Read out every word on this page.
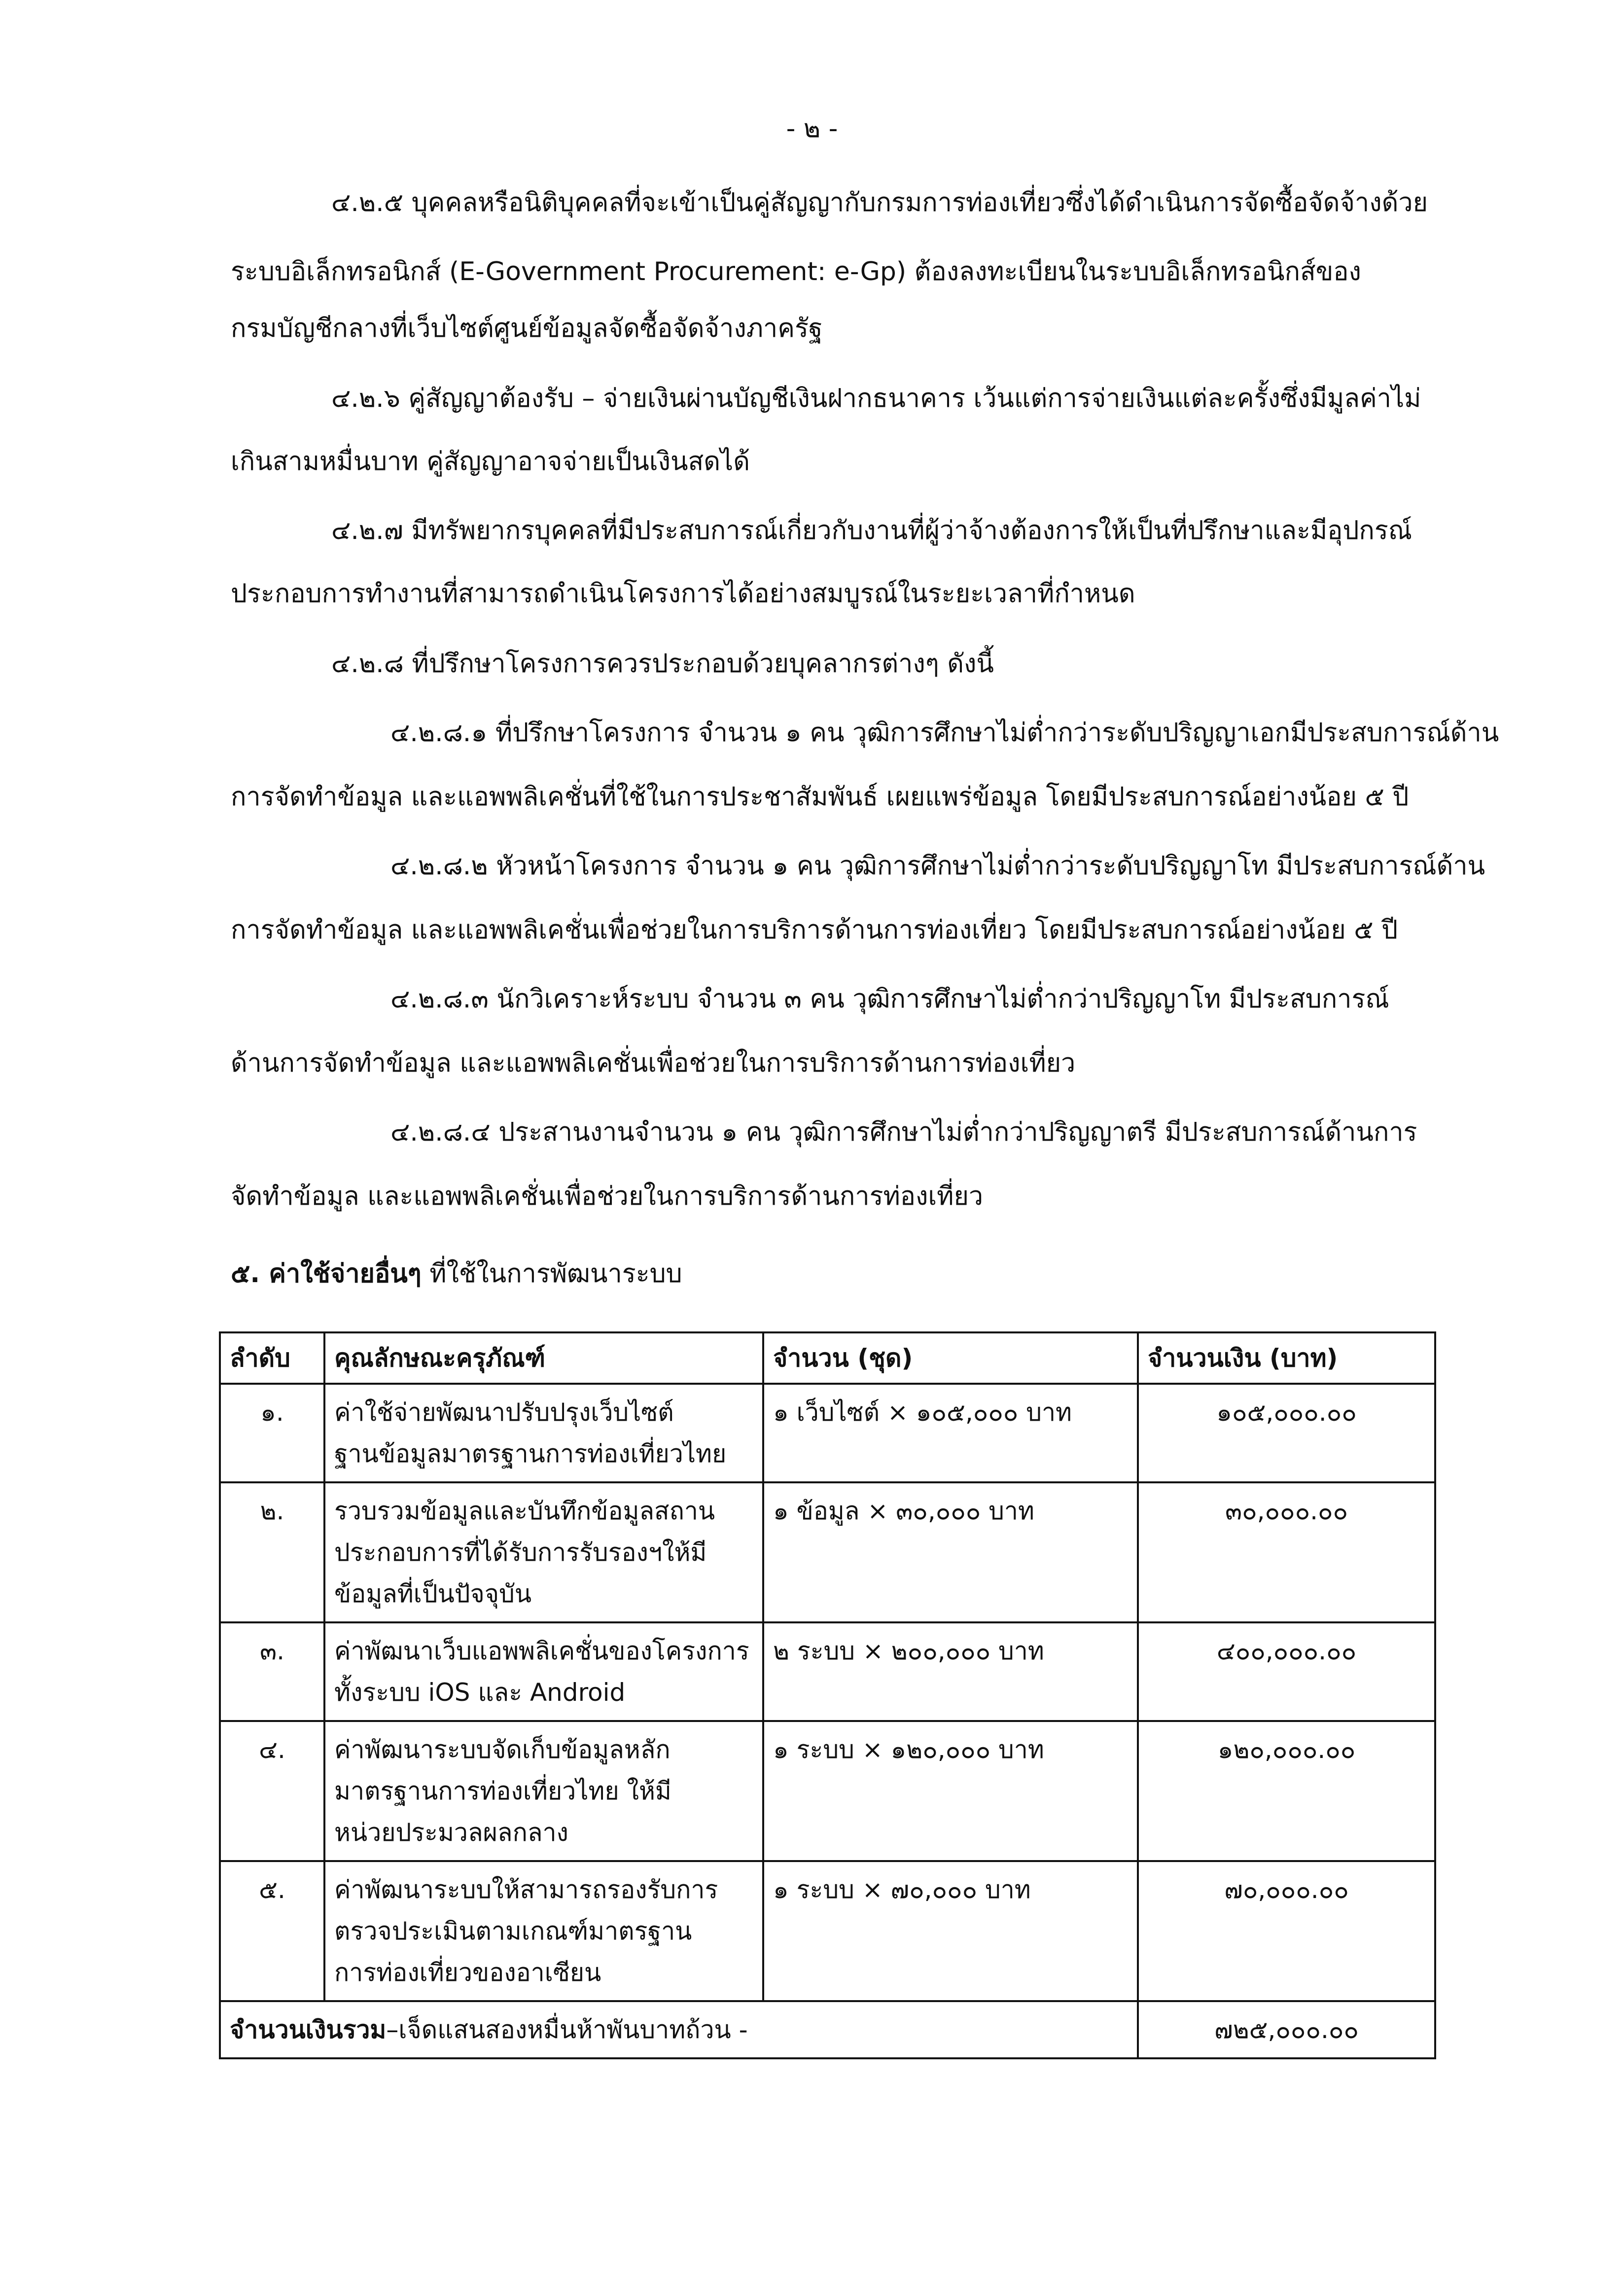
- ๒ -
๔.๒.๕ บุคคลหรือนิติบุคคลที่จะเข้าเป็นคู่สัญญากับกรมการท่องเที่ยวซึ่งได้ดำเนินการจัดซื้อจัดจ้างด้วย
ระบบอิเล็กทรอนิกส์ (E-Government Procurement: e-Gp) ต้องลงทะเบียนในระบบอิเล็กทรอนิกส์ของ
กรมบัญชีกลางที่เว็บไซต์ศูนย์ข้อมูลจัดซื้อจัดจ้างภาครัฐ
๔.๒.๖ คู่สัญญาต้องรับ – จ่ายเงินผ่านบัญชีเงินฝากธนาคาร เว้นแต่การจ่ายเงินแต่ละครั้งซึ่งมีมูลค่าไม่
เกินสามหมื่นบาท คู่สัญญาอาจจ่ายเป็นเงินสดได้
๔.๒.๗ มีทรัพยากรบุคคลที่มีประสบการณ์เกี่ยวกับงานที่ผู้ว่าจ้างต้องการให้เป็นที่ปรึกษาและมีอุปกรณ์
ประกอบการทำงานที่สามารถดำเนินโครงการได้อย่างสมบูรณ์ในระยะเวลาที่กำหนด
๔.๒.๘ ที่ปรึกษาโครงการควรประกอบด้วยบุคลากรต่างๆ ดังนี้
๔.๒.๘.๑ ที่ปรึกษาโครงการ จำนวน ๑ คน วุฒิการศึกษาไม่ต่ำกว่าระดับปริญญาเอกมีประสบการณ์ด้าน
การจัดทำข้อมูล และแอพพลิเคชั่นที่ใช้ในการประชาสัมพันธ์ เผยแพร่ข้อมูล โดยมีประสบการณ์อย่างน้อย ๕ ปี
๔.๒.๘.๒ หัวหน้าโครงการ จำนวน ๑ คน วุฒิการศึกษาไม่ต่ำกว่าระดับปริญญาโท มีประสบการณ์ด้าน
การจัดทำข้อมูล และแอพพลิเคชั่นเพื่อช่วยในการบริการด้านการท่องเที่ยว โดยมีประสบการณ์อย่างน้อย ๕ ปี
๔.๒.๘.๓ นักวิเคราะห์ระบบ จำนวน ๓ คน วุฒิการศึกษาไม่ต่ำกว่าปริญญาโท มีประสบการณ์
ด้านการจัดทำข้อมูล และแอพพลิเคชั่นเพื่อช่วยในการบริการด้านการท่องเที่ยว
๔.๒.๘.๔ ประสานงานจำนวน ๑ คน วุฒิการศึกษาไม่ต่ำกว่าปริญญาตรี มีประสบการณ์ด้านการ
จัดทำข้อมูล และแอพพลิเคชั่นเพื่อช่วยในการบริการด้านการท่องเที่ยว
๕. ค่าใช้จ่ายอื่นๆ ที่ใช้ในการพัฒนาระบบ
ลำดับ	คุณลักษณะครุภัณฑ์	จำนวน (ชุด)	จำนวนเงิน (บาท)
๑.	ค่าใช้จ่ายพัฒนาปรับปรุงเว็บไซต์
ฐานข้อมูลมาตรฐานการท่องเที่ยวไทย	๑ เว็บไซต์ × ๑๐๕,๐๐๐ บาท	๑๐๕,๐๐๐.๐๐
๒.	รวบรวมข้อมูลและบันทึกข้อมูลสถาน
ประกอบการที่ได้รับการรับรองฯให้มี
ข้อมูลที่เป็นปัจจุบัน	๑ ข้อมูล × ๓๐,๐๐๐ บาท	๓๐,๐๐๐.๐๐
๓.	ค่าพัฒนาเว็บแอพพลิเคชั่นของโครงการ
ทั้งระบบ iOS และ Android	๒ ระบบ × ๒๐๐,๐๐๐ บาท	๔๐๐,๐๐๐.๐๐
๔.	ค่าพัฒนาระบบจัดเก็บข้อมูลหลัก
มาตรฐานการท่องเที่ยวไทย ให้มี
หน่วยประมวลผลกลาง	๑ ระบบ × ๑๒๐,๐๐๐ บาท	๑๒๐,๐๐๐.๐๐
๕.	ค่าพัฒนาระบบให้สามารถรองรับการ
ตรวจประเมินตามเกณฑ์มาตรฐาน
การท่องเที่ยวของอาเซียน	๑ ระบบ × ๗๐,๐๐๐ บาท	๗๐,๐๐๐.๐๐
จำนวนเงินรวม–เจ็ดแสนสองหมื่นห้าพันบาทถ้วน -			๗๒๕,๐๐๐.๐๐
